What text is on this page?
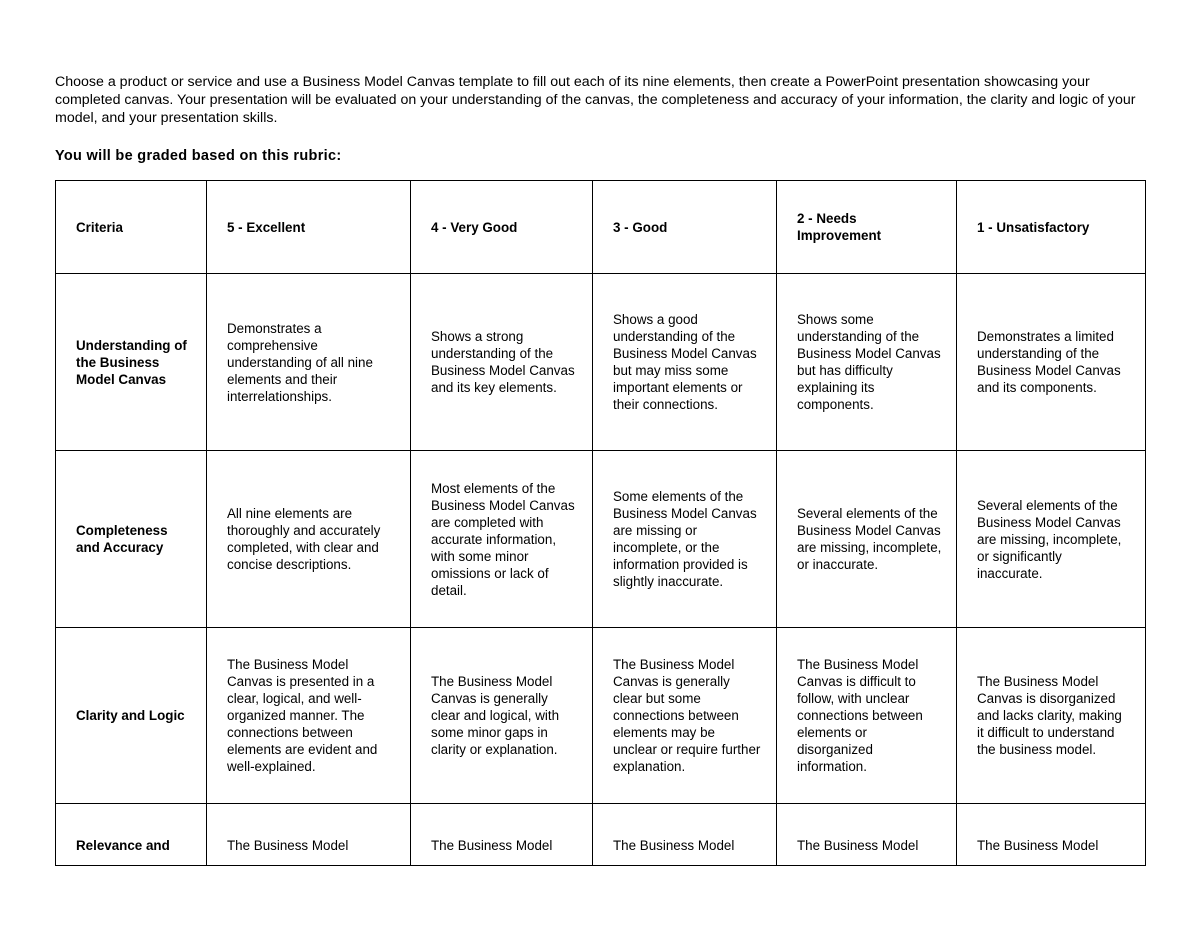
Choose a product or service and use a Business Model Canvas template to fill out each of its nine elements, then create a PowerPoint presentation showcasing your completed canvas. Your presentation will be evaluated on your understanding of the canvas, the completeness and accuracy of your information, the clarity and logic of your model, and your presentation skills.

You will be graded based on this rubric:

Criteria	5 - Excellent	4 - Very Good	3 - Good	2 - Needs Improvement	1 - Unsatisfactory
Understanding of the Business Model Canvas	Demonstrates a comprehensive understanding of all nine elements and their interrelationships.	Shows a strong understanding of the Business Model Canvas and its key elements.	Shows a good understanding of the Business Model Canvas but may miss some important elements or their connections.	Shows some understanding of the Business Model Canvas but has difficulty explaining its components.	Demonstrates a limited understanding of the Business Model Canvas and its components.
Completeness and Accuracy	All nine elements are thoroughly and accurately completed, with clear and concise descriptions.	Most elements of the Business Model Canvas are completed with accurate information, with some minor omissions or lack of detail.	Some elements of the Business Model Canvas are missing or incomplete, or the information provided is slightly inaccurate.	Several elements of the Business Model Canvas are missing, incomplete, or inaccurate.	Several elements of the Business Model Canvas are missing, incomplete, or significantly inaccurate.
Clarity and Logic	The Business Model Canvas is presented in a clear, logical, and well-organized manner. The connections between elements are evident and well-explained.	The Business Model Canvas is generally clear and logical, with some minor gaps in clarity or explanation.	The Business Model Canvas is generally clear but some connections between elements may be unclear or require further explanation.	The Business Model Canvas is difficult to follow, with unclear connections between elements or disorganized information.	The Business Model Canvas is disorganized and lacks clarity, making it difficult to understand the business model.
Relevance and	The Business Model	The Business Model	The Business Model	The Business Model	The Business Model
